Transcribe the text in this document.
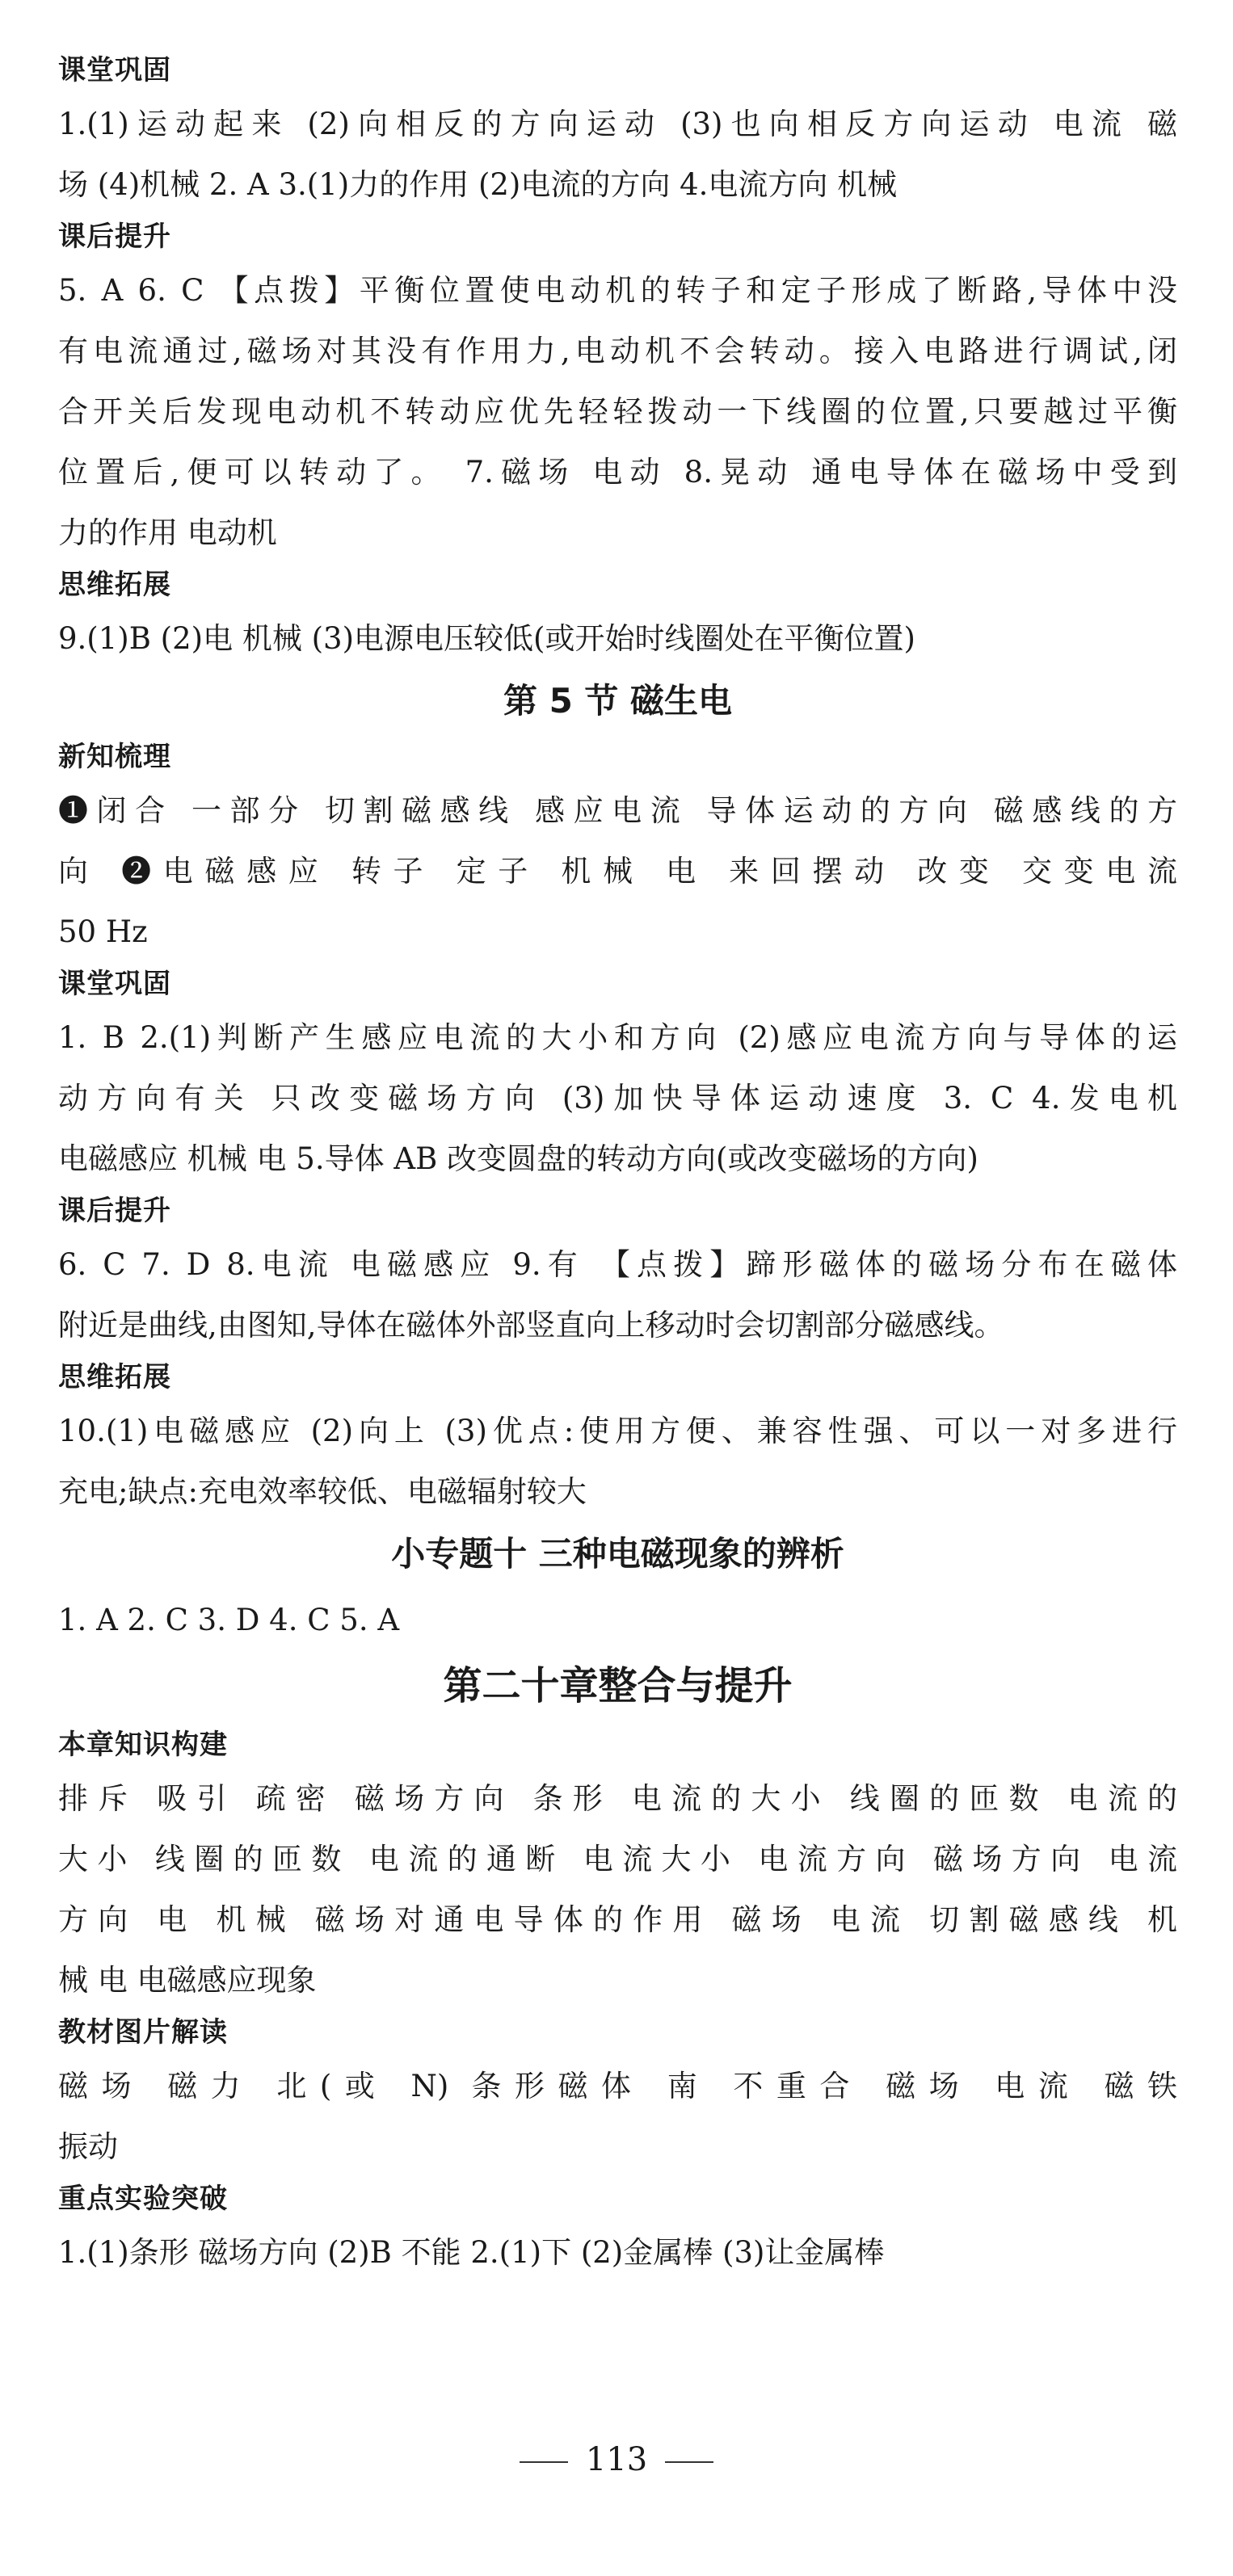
课堂巩固
1.(1)运动起来 (2)向相反的方向运动 (3)也向相反方向运动 电流 磁
场 (4)机械 2. A 3.(1)力的作用 (2)电流的方向 4.电流方向 机械
课后提升
5. A 6. C 【点拨】平衡位置使电动机的转子和定子形成了断路,导体中没
有电流通过,磁场对其没有作用力,电动机不会转动。接入电路进行调试,闭
合开关后发现电动机不转动应优先轻轻拨动一下线圈的位置,只要越过平衡
位置后,便可以转动了。 7.磁场 电动 8.晃动 通电导体在磁场中受到
力的作用 电动机
思维拓展
9.(1)B (2)电 机械 (3)电源电压较低(或开始时线圈处在平衡位置)
第 5 节 磁生电
新知梳理
❶闭合 一部分 切割磁感线 感应电流 导体运动的方向 磁感线的方
向 ❷电磁感应 转子 定子 机械 电 来回摆动 改变 交变电流
50 Hz
课堂巩固
1. B 2.(1)判断产生感应电流的大小和方向 (2)感应电流方向与导体的运
动方向有关 只改变磁场方向 (3)加快导体运动速度 3. C 4.发电机
电磁感应 机械 电 5.导体 AB 改变圆盘的转动方向(或改变磁场的方向)
课后提升
6. C 7. D 8.电流 电磁感应 9.有 【点拨】蹄形磁体的磁场分布在磁体
附近是曲线,由图知,导体在磁体外部竖直向上移动时会切割部分磁感线。
思维拓展
10.(1)电磁感应 (2)向上 (3)优点:使用方便、兼容性强、可以一对多进行
充电;缺点:充电效率较低、电磁辐射较大
小专题十 三种电磁现象的辨析
1. A 2. C 3. D 4. C 5. A
第二十章整合与提升
本章知识构建
排斥 吸引 疏密 磁场方向 条形 电流的大小 线圈的匝数 电流的
大小 线圈的匝数 电流的通断 电流大小 电流方向 磁场方向 电流
方向 电 机械 磁场对通电导体的作用 磁场 电流 切割磁感线 机
械 电 电磁感应现象
教材图片解读
磁场 磁力 北(或 N) 条形磁体 南 不重合 磁场 电流 磁铁
振动
重点实验突破
1.(1)条形 磁场方向 (2)B 不能 2.(1)下 (2)金属棒 (3)让金属棒
113
